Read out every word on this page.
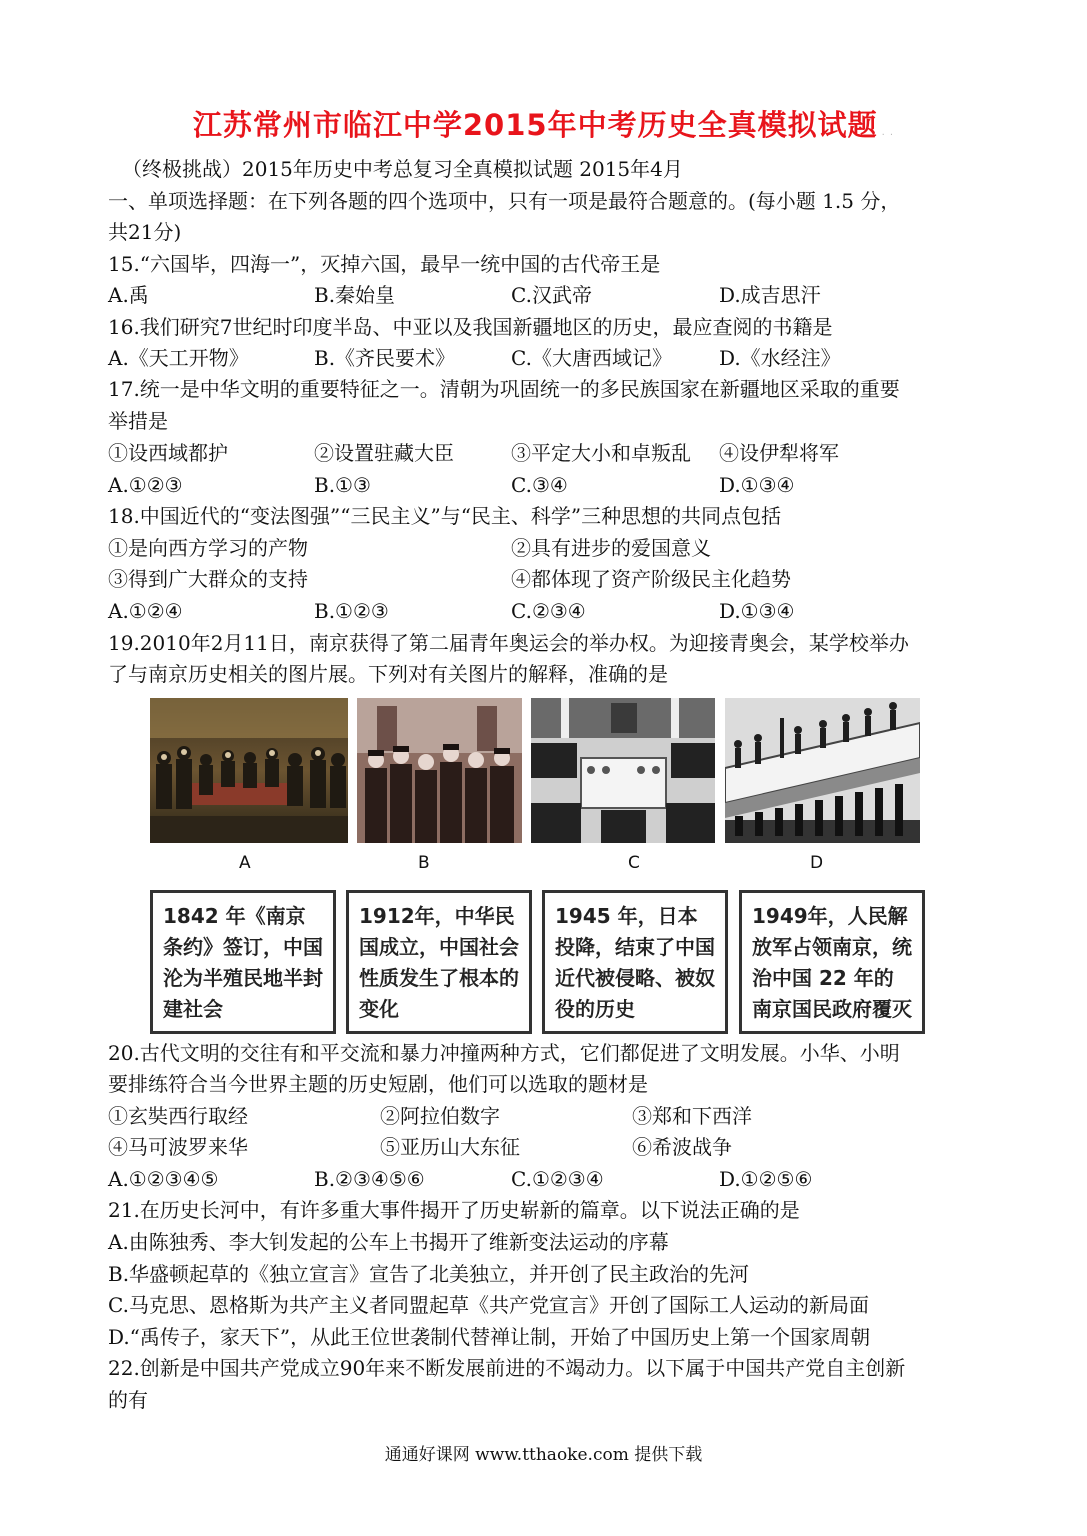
江苏常州市临江中学2015年中考历史全真模拟试题 . .
（终极挑战）2015年历史中考总复习全真模拟试题 2015年4月
一、单项选择题：在下列各题的四个选项中，只有一项是最符合题意的。(每小题 1.5 分，
共21分)
15.“六国毕，四海一”，灭掉六国，最早一统中国的古代帝王是
A.禹	B.秦始皇	C.汉武帝	D.成吉思汗
16.我们研究7世纪时印度半岛、中亚以及我国新疆地区的历史，最应查阅的书籍是
A.《天工开物》	B.《齐民要术》	C.《大唐西域记》 D.《水经注》
17.统一是中华文明的重要特征之一。清朝为巩固统一的多民族国家在新疆地区采取的重要
举措是
①设西域都护	②设置驻藏大臣	③平定大小和卓叛乱 ④设伊犁将军
A.①②③	B.①③	C.③④	D.①③④
18.中国近代的“变法图强”“三民主义”与“民主、科学”三种思想的共同点包括
①是向西方学习的产物	②具有进步的爱国意义
③得到广大群众的支持	④都体现了资产阶级民主化趋势
A.①②④	B.①②③	C.②③④	D.①③④
19.2010年2月11日，南京获得了第二届青年奥运会的举办权。为迎接青奥会，某学校举办
了与南京历史相关的图片展。下列对有关图片的解释，准确的是
A	B	C	D
1842 年《南京条约》签订，中国沦为半殖民地半封建社会
1912年，中华民国成立，中国社会性质发生了根本的变化
1945 年，日本投降，结束了中国近代被侵略、被奴役的历史
1949年，人民解放军占领南京，统治中国 22 年的南京国民政府覆灭
20.古代文明的交往有和平交流和暴力冲撞两种方式，它们都促进了文明发展。小华、小明
要排练符合当今世界主题的历史短剧，他们可以选取的题材是
①玄奘西行取经	②阿拉伯数字	③郑和下西洋
④马可波罗来华	⑤亚历山大东征	⑥希波战争
A.①②③④⑤	B.②③④⑤⑥	C.①②③④	D.①②⑤⑥
21.在历史长河中，有许多重大事件揭开了历史崭新的篇章。以下说法正确的是
A.由陈独秀、李大钊发起的公车上书揭开了维新变法运动的序幕
B.华盛顿起草的《独立宣言》宣告了北美独立，并开创了民主政治的先河
C.马克思、恩格斯为共产主义者同盟起草《共产党宣言》开创了国际工人运动的新局面
D.“禹传子，家天下”，从此王位世袭制代替禅让制，开始了中国历史上第一个国家周朝
22.创新是中国共产党成立90年来不断发展前进的不竭动力。以下属于中国共产党自主创新
的有
通通好课网 www.tthaoke.com 提供下载
